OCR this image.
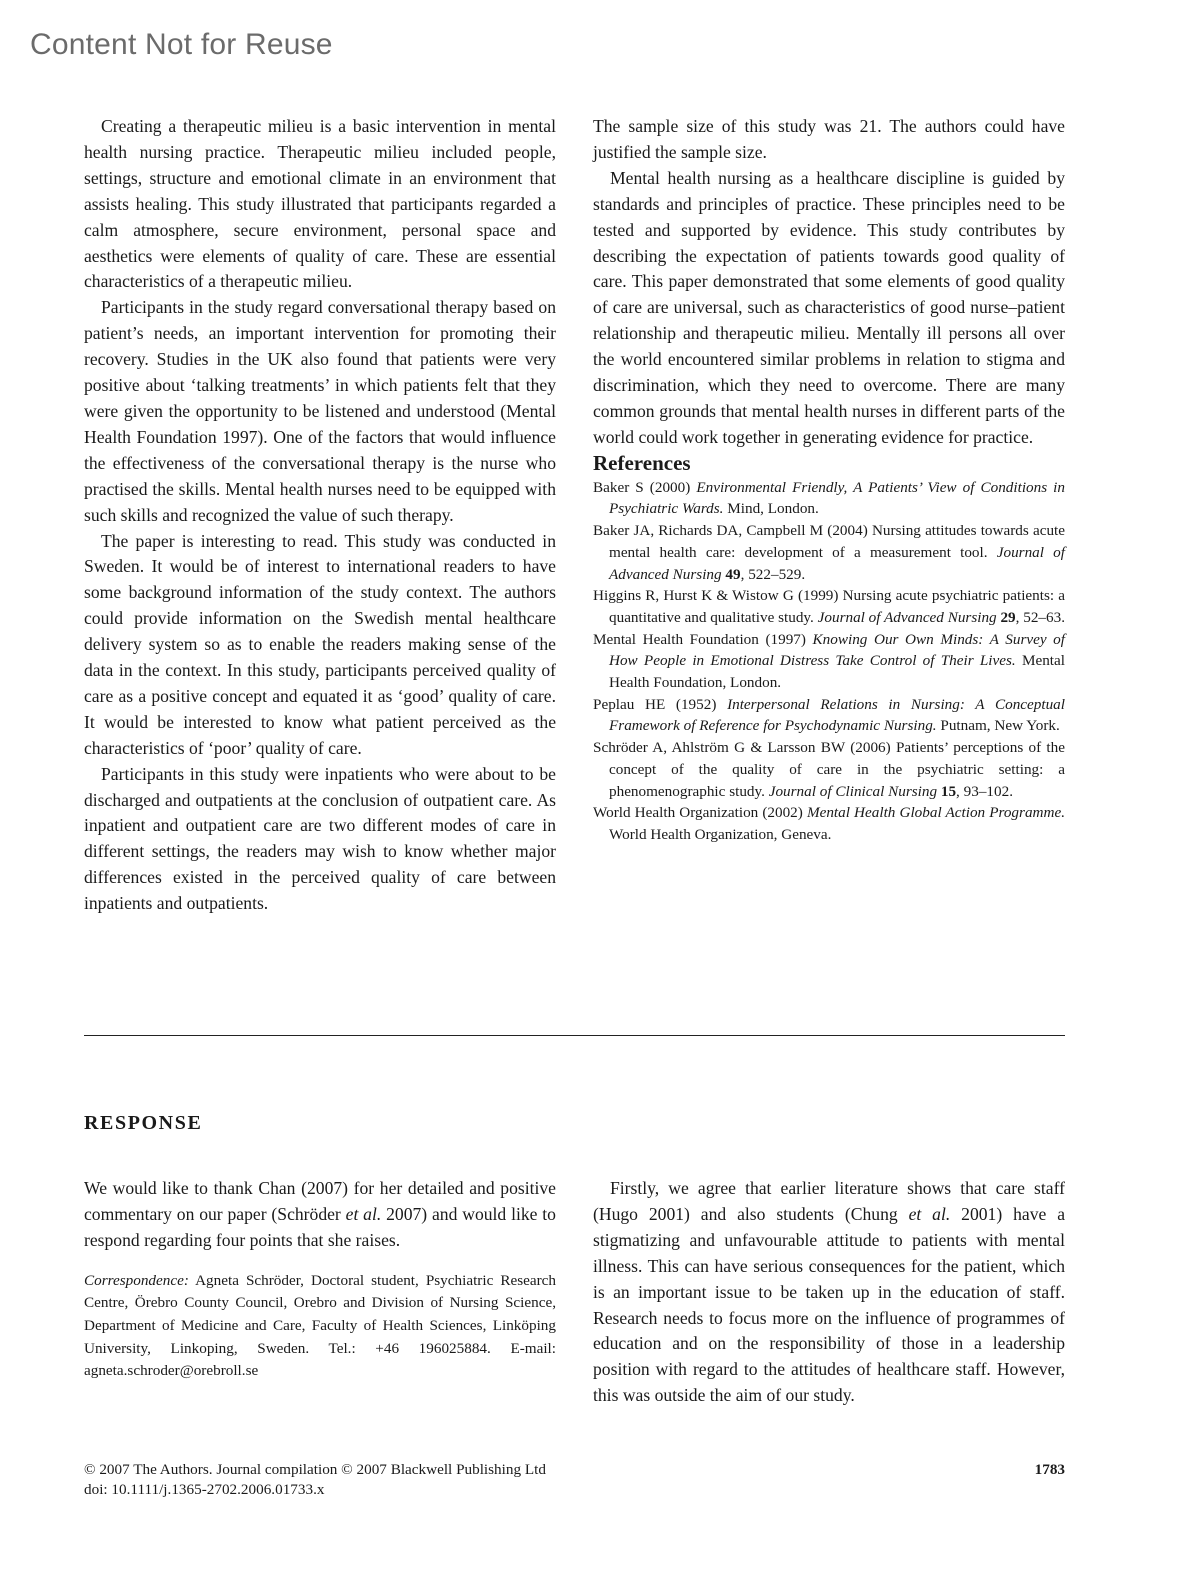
Content Not for Reuse

Creating a therapeutic milieu is a basic intervention in mental health nursing practice. Therapeutic milieu included people, settings, structure and emotional climate in an environment that assists healing. This study illustrated that participants regarded a calm atmosphere, secure environment, personal space and aesthetics were elements of quality of care. These are essential characteristics of a therapeutic milieu.

Participants in the study regard conversational therapy based on patient’s needs, an important intervention for promoting their recovery. Studies in the UK also found that patients were very positive about ‘talking treatments’ in which patients felt that they were given the opportunity to be listened and understood (Mental Health Foundation 1997). One of the factors that would influence the effectiveness of the conversational therapy is the nurse who practised the skills. Mental health nurses need to be equipped with such skills and recognized the value of such therapy.

The paper is interesting to read. This study was conducted in Sweden. It would be of interest to international readers to have some background information of the study context. The authors could provide information on the Swedish mental healthcare delivery system so as to enable the readers making sense of the data in the context. In this study, participants perceived quality of care as a positive concept and equated it as ‘good’ quality of care. It would be interested to know what patient perceived as the characteristics of ‘poor’ quality of care.

Participants in this study were inpatients who were about to be discharged and outpatients at the conclusion of outpatient care. As inpatient and outpatient care are two different modes of care in different settings, the readers may wish to know whether major differences existed in the perceived quality of care between inpatients and outpatients.

The sample size of this study was 21. The authors could have justified the sample size.

Mental health nursing as a healthcare discipline is guided by standards and principles of practice. These principles need to be tested and supported by evidence. This study contributes by describing the expectation of patients towards good quality of care. This paper demonstrated that some elements of good quality of care are universal, such as characteristics of good nurse–patient relationship and therapeutic milieu. Mentally ill persons all over the world encountered similar problems in relation to stigma and discrimination, which they need to overcome. There are many common grounds that mental health nurses in different parts of the world could work together in generating evidence for practice.

References

Baker S (2000) Environmental Friendly, A Patients’ View of Conditions in Psychiatric Wards. Mind, London.

Baker JA, Richards DA, Campbell M (2004) Nursing attitudes towards acute mental health care: development of a measurement tool. Journal of Advanced Nursing 49, 522–529.

Higgins R, Hurst K & Wistow G (1999) Nursing acute psychiatric patients: a quantitative and qualitative study. Journal of Advanced Nursing 29, 52–63.

Mental Health Foundation (1997) Knowing Our Own Minds: A Survey of How People in Emotional Distress Take Control of Their Lives. Mental Health Foundation, London.

Peplau HE (1952) Interpersonal Relations in Nursing: A Conceptual Framework of Reference for Psychodynamic Nursing. Putnam, New York.

Schröder A, Ahlström G & Larsson BW (2006) Patients’ perceptions of the concept of the quality of care in the psychiatric setting: a phenomenographic study. Journal of Clinical Nursing 15, 93–102.

World Health Organization (2002) Mental Health Global Action Programme. World Health Organization, Geneva.

RESPONSE

We would like to thank Chan (2007) for her detailed and positive commentary on our paper (Schröder et al. 2007) and would like to respond regarding four points that she raises.

Correspondence: Agneta Schröder, Doctoral student, Psychiatric Research Centre, Örebro County Council, Orebro and Division of Nursing Science, Department of Medicine and Care, Faculty of Health Sciences, Linköping University, Linkoping, Sweden. Tel.: +46 196025884. E-mail: agneta.schroder@orebroll.se

Firstly, we agree that earlier literature shows that care staff (Hugo 2001) and also students (Chung et al. 2001) have a stigmatizing and unfavourable attitude to patients with mental illness. This can have serious consequences for the patient, which is an important issue to be taken up in the education of staff. Research needs to focus more on the influence of programmes of education and on the responsibility of those in a leadership position with regard to the attitudes of healthcare staff. However, this was outside the aim of our study.

© 2007 The Authors. Journal compilation © 2007 Blackwell Publishing Ltd
doi: 10.1111/j.1365-2702.2006.01733.x
1783
